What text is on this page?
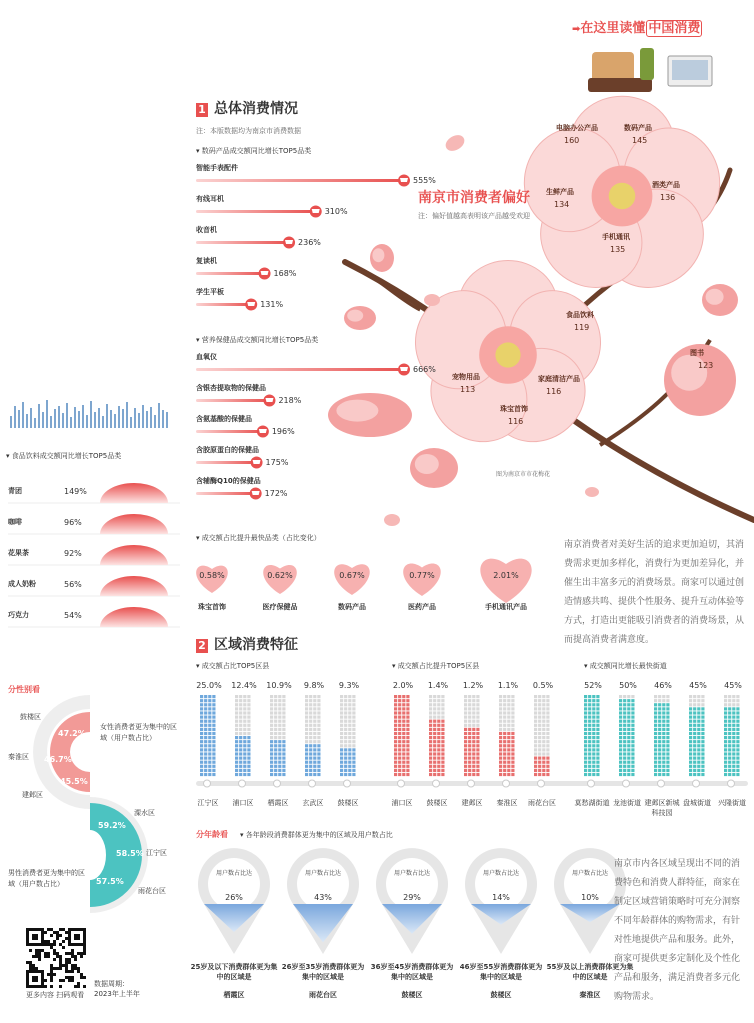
➡在这里读懂 中国消费
1 总体消费情况
注：本版数据均为南京市消费数据
▾ 数码产品成交额同比增长TOP5品类
智能手表配件
555%
有线耳机
310%
收音机
236%
复读机
168%
学生平板
131%
▾ 营养保健品成交额同比增长TOP5品类
血氧仪
666%
含银杏提取物的保健品
218%
含氨基酸的保健品
196%
含胶原蛋白的保健品
175%
含辅酶Q10的保健品
172%
▾ 食品饮料成交额同比增长TOP5品类
青团	149%
咖啡	96%
花果茶	92%
成人奶粉	56%
巧克力	54%
南京市消费者偏好
注：偏好值越高表明该产品越受欢迎
图为南京市市花梅花
电脑办公产品
160
数码产品
145
生鲜产品
134
酒类产品
136
手机通讯
135
食品饮料
119
宠物用品
113
家庭清洁产品
116
珠宝首饰
116
图书
123
▾ 成交额占比提升最快品类（占比变化）
0.58%
珠宝首饰
0.62%
医疗保健品
0.67%
数码产品
0.77%
医药产品
2.01%
手机通讯产品
南京消费者对美好生活的追求更加迫切，其消费需求更加多样化，消费行为更加差异化，并催生出丰富多元的消费场景。商家可以通过创造情感共鸣、提供个性服务、提升互动体验等方式，打造出更能吸引消费者的消费场景，从而提高消费者满意度。
分性别看
女性消费者更为集中的区域（用户数占比）
男性消费者更为集中的区域（用户数占比）
鼓楼区
47.2%
秦淮区 46.7%
建邺区
45.5%
溧水区
59.2%
江宁区
58.5%
雨花台区
57.5%
2 区域消费特征
▾ 成交额占比TOP5区县	▾ 成交额占比提升TOP5区县	▾ 成交额同比增长最快街道
25.0%
江宁区
12.4%
浦口区
10.9%
栖霞区
9.8%
玄武区
9.3%
鼓楼区
2.0%
浦口区
1.4%
鼓楼区
1.2%
建邺区
1.1%
秦淮区
0.5%
雨花台区
52%
莫愁湖街道
50%
龙池街道
46%
建邺区新城科技园
45%
盘城街道
45%
兴隆街道
分年龄看 ▾ 各年龄段消费群体更为集中的区域及用户数占比
用户数占比达
26%
25岁及以下消费群体更为集中的区域是
栖霞区
用户数占比达
43%
26岁至35岁消费群体更为集中的区域是
雨花台区
用户数占比达
29%
36岁至45岁消费群体更为集中的区域是
鼓楼区
用户数占比达
14%
46岁至55岁消费群体更为集中的区域是
鼓楼区
用户数占比达
10%
55岁及以上消费群体更为集中的区域是
秦淮区
南京市内各区域呈现出不同的消费特色和消费人群特征，商家在制定区域营销策略时可充分洞察不同年龄群体的购物需求，有针对性地提供产品和服务。此外，商家可提供更多定制化及个性化产品和服务，满足消费者多元化购物需求。
更多内容 扫码观看
数据周期：
2023年上半年
